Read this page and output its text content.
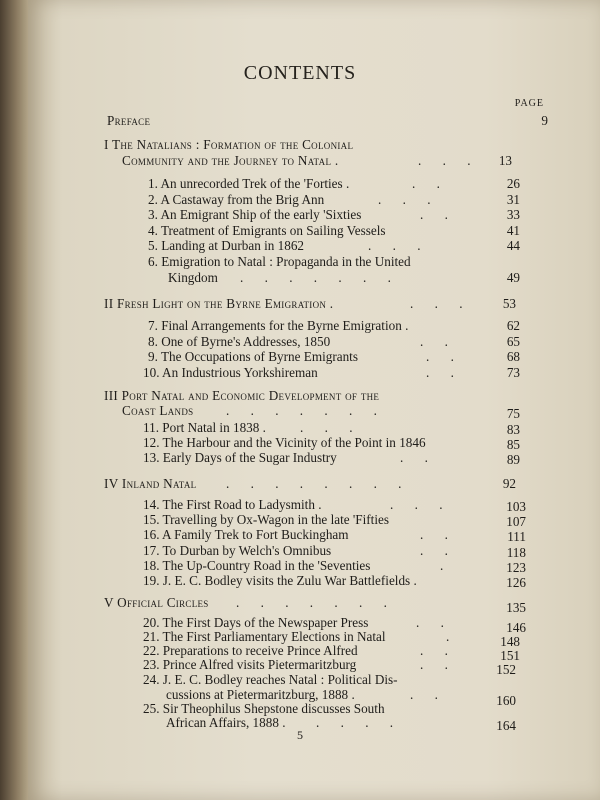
CONTENTS
PAGE
Preface	9
I The Natalians : Formation of the Colonial
Community and the Journey to Natal .	. . .	13
1. An unrecorded Trek of the 'Forties .	. .	26
2. A Castaway from the Brig Ann	. . .	31
3. An Emigrant Ship of the early 'Sixties	. .	33
4. Treatment of Emigrants on Sailing Vessels	41
5. Landing at Durban in 1862	. . .	44
6. Emigration to Natal : Propaganda in the United
Kingdom . . . . . . .	49
II Fresh Light on the Byrne Emigration .	. . .	53
7. Final Arrangements for the Byrne Emigration .	62
8. One of Byrne's Addresses, 1850	. .	65
9. The Occupations of Byrne Emigrants	. .	68
10. An Industrious Yorkshireman	. .	73
III Port Natal and Economic Development of the
Coast Lands . . . . . . .	75
11. Port Natal in 1838 .	. . .	83
12. The Harbour and the Vicinity of the Point in 1846	85
13. Early Days of the Sugar Industry	. .	89
IV Inland Natal . . . . . . . .	92
14. The First Road to Ladysmith .	. . .	103
15. Travelling by Ox-Wagon in the late 'Fifties	107
16. A Family Trek to Fort Buckingham	. .	111
17. To Durban by Welch's Omnibus	. .	118
18. The Up-Country Road in the 'Seventies	.	123
19. J. E. C. Bodley visits the Zulu War Battlefields .	126
V Official Circles . . . . . . .	135
20. The First Days of the Newspaper Press	. .	146
21. The First Parliamentary Elections in Natal	.	148
22. Preparations to receive Prince Alfred	. .	151
23. Prince Alfred visits Pietermaritzburg	. .	152
24. J. E. C. Bodley reaches Natal : Political Dis-
cussions at Pietermaritzburg, 1888 .	. .	160
25. Sir Theophilus Shepstone discusses South
African Affairs, 1888 . . . . .	164
5
